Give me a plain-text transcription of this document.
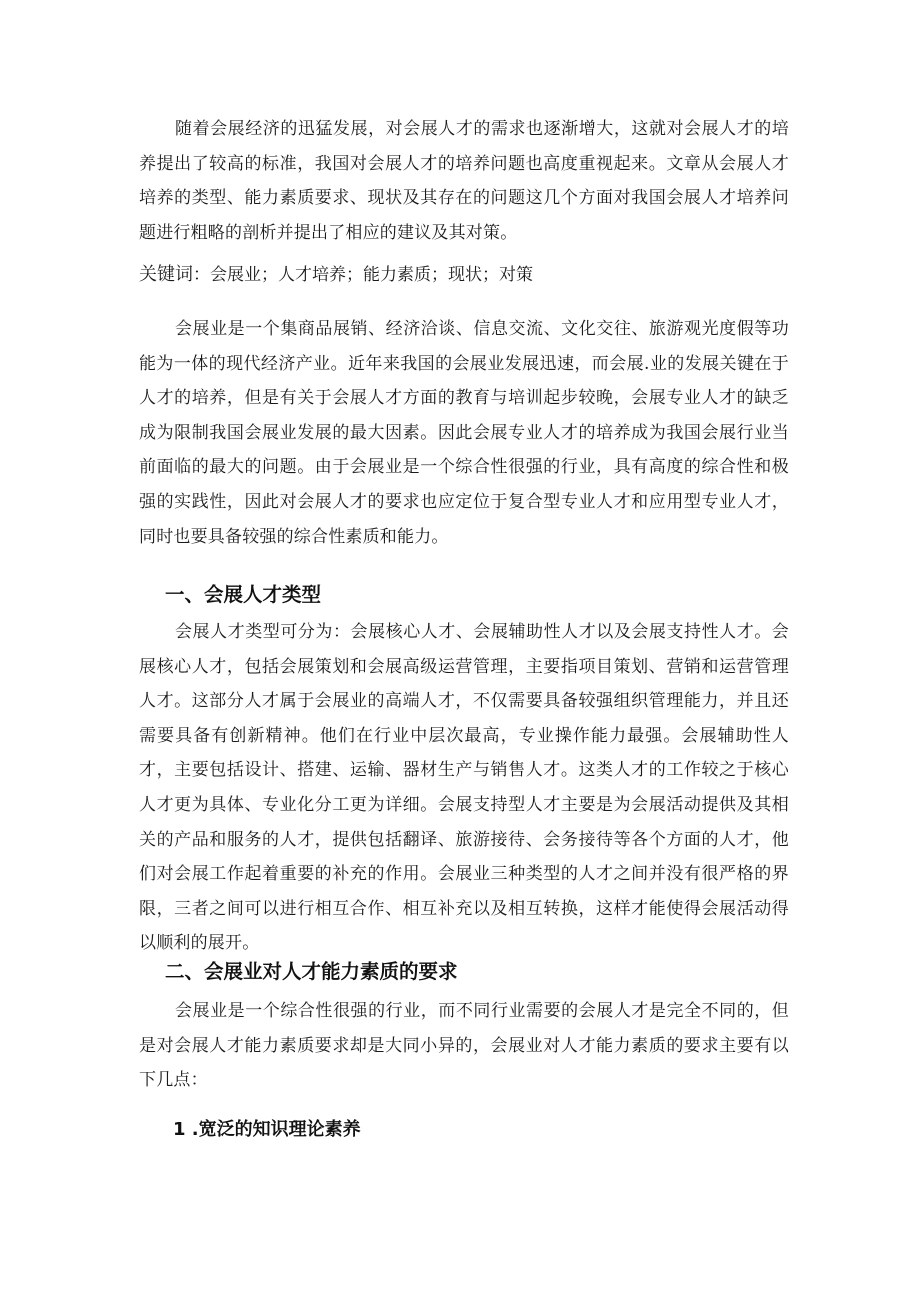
随着会展经济的迅猛发展，对会展人才的需求也逐渐增大，这就对会展人才的培养提出了较高的标准，我国对会展人才的培养问题也高度重视起来。文章从会展人才培养的类型、能力素质要求、现状及其存在的问题这几个方面对我国会展人才培养问题进行粗略的剖析并提出了相应的建议及其对策。

关键词：会展业；人才培养；能力素质；现状；对策

会展业是一个集商品展销、经济洽谈、信息交流、文化交往、旅游观光度假等功能为一体的现代经济产业。近年来我国的会展业发展迅速，而会展.业的发展关键在于人才的培养，但是有关于会展人才方面的教育与培训起步较晚，会展专业人才的缺乏成为限制我国会展业发展的最大因素。因此会展专业人才的培养成为我国会展行业当前面临的最大的问题。由于会展业是一个综合性很强的行业，具有高度的综合性和极强的实践性，因此对会展人才的要求也应定位于复合型专业人才和应用型专业人才，同时也要具备较强的综合性素质和能力。

一、会展人才类型

会展人才类型可分为：会展核心人才、会展辅助性人才以及会展支持性人才。会展核心人才，包括会展策划和会展高级运营管理，主要指项目策划、营销和运营管理人才。这部分人才属于会展业的高端人才，不仅需要具备较强组织管理能力，并且还需要具备有创新精神。他们在行业中层次最高，专业操作能力最强。会展辅助性人才，主要包括设计、搭建、运输、器材生产与销售人才。这类人才的工作较之于核心人才更为具体、专业化分工更为详细。会展支持型人才主要是为会展活动提供及其相关的产品和服务的人才，提供包括翻译、旅游接待、会务接待等各个方面的人才，他们对会展工作起着重要的补充的作用。会展业三种类型的人才之间并没有很严格的界限，三者之间可以进行相互合作、相互补充以及相互转换，这样才能使得会展活动得以顺利的展开。

二、会展业对人才能力素质的要求

会展业是一个综合性很强的行业，而不同行业需要的会展人才是完全不同的，但是对会展人才能力素质要求却是大同小异的，会展业对人才能力素质的要求主要有以下几点：

1 .宽泛的知识理论素养
